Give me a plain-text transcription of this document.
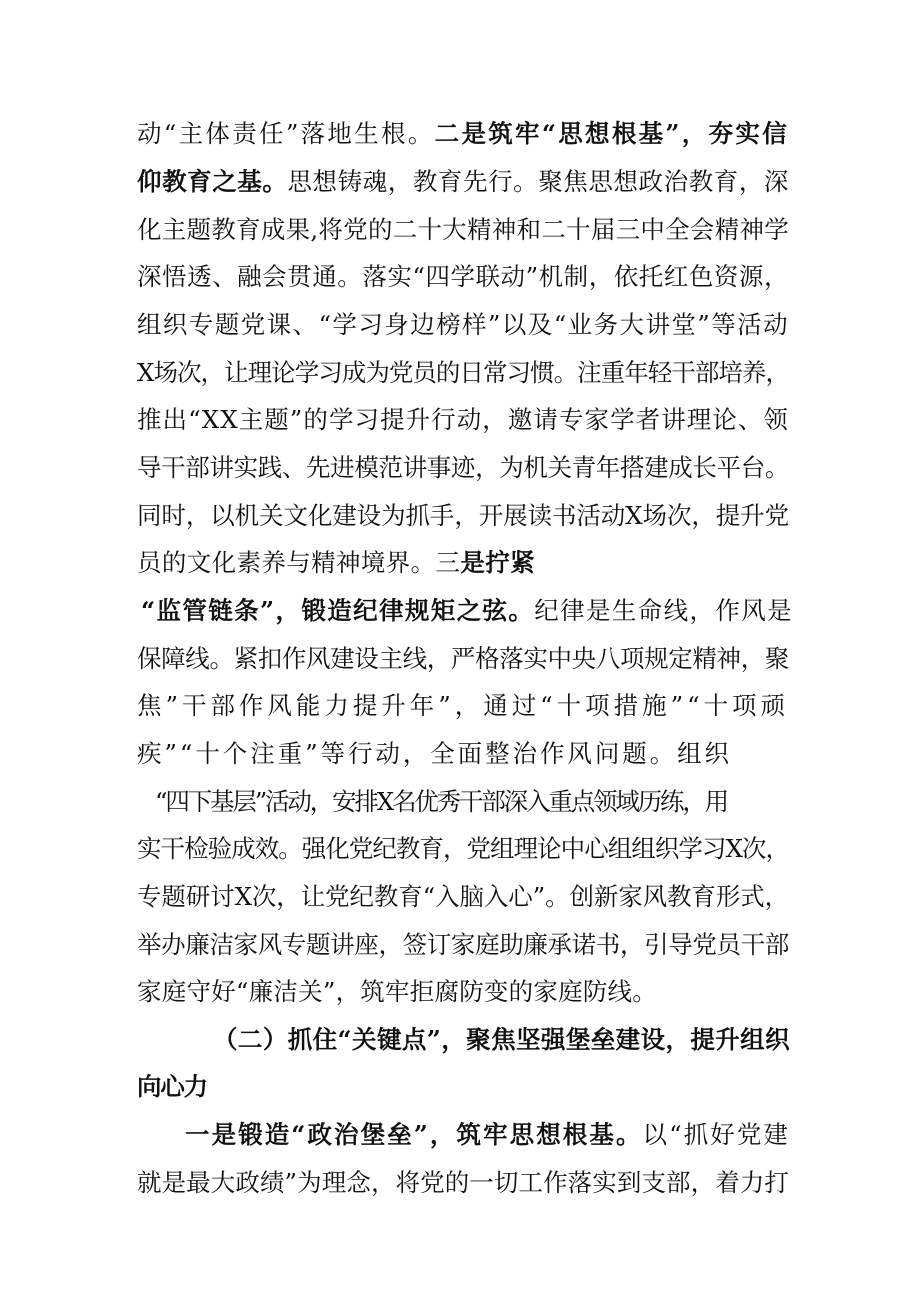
动“主体责任”落地生根。二是筑牢“思想根基”，夯实信
仰教育之基。思想铸魂，教育先行。聚焦思想政治教育，深
化主题教育成果,将党的二十大精神和二十届三中全会精神学
深悟透、融会贯通。落实“四学联动”机制，依托红色资源，
组织专题党课、“学习身边榜样”以及“业务大讲堂”等活动
X场次，让理论学习成为党员的日常习惯。注重年轻干部培养，
推出“XX主题”的学习提升行动，邀请专家学者讲理论、领
导干部讲实践、先进模范讲事迹，为机关青年搭建成长平台。
同时，以机关文化建设为抓手，开展读书活动X场次，提升党
员的文化素养与精神境界。三是拧紧
“监管链条”，锻造纪律规矩之弦。纪律是生命线，作风是
保障线。紧扣作风建设主线，严格落实中央八项规定精神，聚
焦”干部作风能力提升年”，通过“十项措施”“十项顽
疾”“十个注重”等行动，全面整治作风问题。组织
“四下基层”活动，安排X名优秀干部深入重点领域历练，用
实干检验成效。强化党纪教育，党组理论中心组组织学习X次，
专题研讨X次，让党纪教育“入脑入心”。创新家风教育形式，
举办廉洁家风专题讲座，签订家庭助廉承诺书，引导党员干部
家庭守好“廉洁关”，筑牢拒腐防变的家庭防线。
（二）抓住“关键点”，聚焦坚强堡垒建设，提升组织
向心力
一是锻造“政治堡垒”，筑牢思想根基。以“抓好党建
就是最大政绩”为理念，将党的一切工作落实到支部，着力打
